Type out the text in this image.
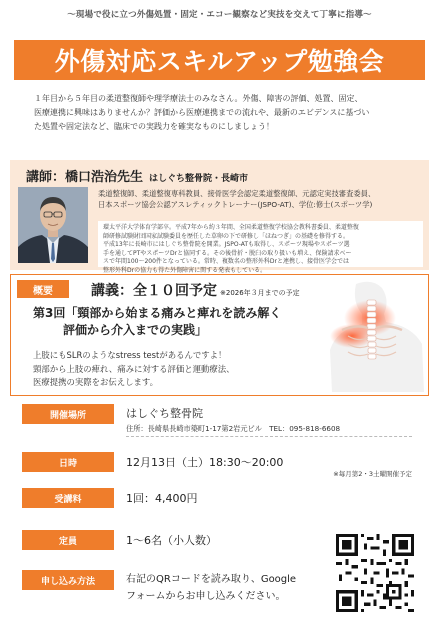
〜現場で役に立つ外傷処置・固定・エコー観察など実技を交えて丁寧に指導〜
外傷対応スキルアップ勉強会
１年目から５年目の柔道整復師や理学療法士のみなさん。外傷、障害の評価、処置、固定、
医療連携に興味はありませんか？評価から医療連携までの流れや、最新のエビデンスに基づい
た処置や固定法など、臨床での実践力を確実なものにしましょう！
講師：橋口浩治先生 はしぐち整骨院・長崎市
柔道整復師、柔道整復専科教員、接骨医学会認定柔道整復師、元認定実技審査委員、
日本スポーツ協会公認アスレティックトレーナー(JSPO-AT)、学位:修士(スポーツ学)
環太平洋大学体育学部卒。平成7年から約３年間、全国柔道整復学校協会教科書委員、柔道整復
師研修試験財団国家試験委員を歴任した草卵の下で研修し「ほねつぎ」の基礎を修得する。
平成13年に長崎市にはしぐち整骨院を開業。JSPO-ATも取得し、スポーツ現場やスポーツ選
手を通してPTやスポーツDrと協同する。その後骨折・脱臼の取り扱いも増え、保険請求ベー
スで年間100〜200件となっている。常時、複数名の整形外科Drと連携し、接骨医学会では
整形外科Drの協力も得た外傷障害に関する発表もしている。
概要	講義：全１０回予定 ※2026年３月までの予定
第3回「頸部から始まる痛みと痺れを読み解く
評価から介入までの実践」
上肢にもSLRのようなstress testがあるんですよ！
頸部から上肢の痺れ、痛みに対する評価と運動療法、
医療提携の実際をお伝えします。
開催場所	はしぐち整骨院
住所：長崎県長崎市築町1-17第2岩元ビル　TEL：095-818-6608
日時	12月13日（土）18:30〜20:00
※毎月第2・3土曜開催予定
受講料	1回：4,400円
定員	1〜6名（小人数）
申し込み方法	右記のQRコードを読み取り、Google
フォームからお申し込みください。
